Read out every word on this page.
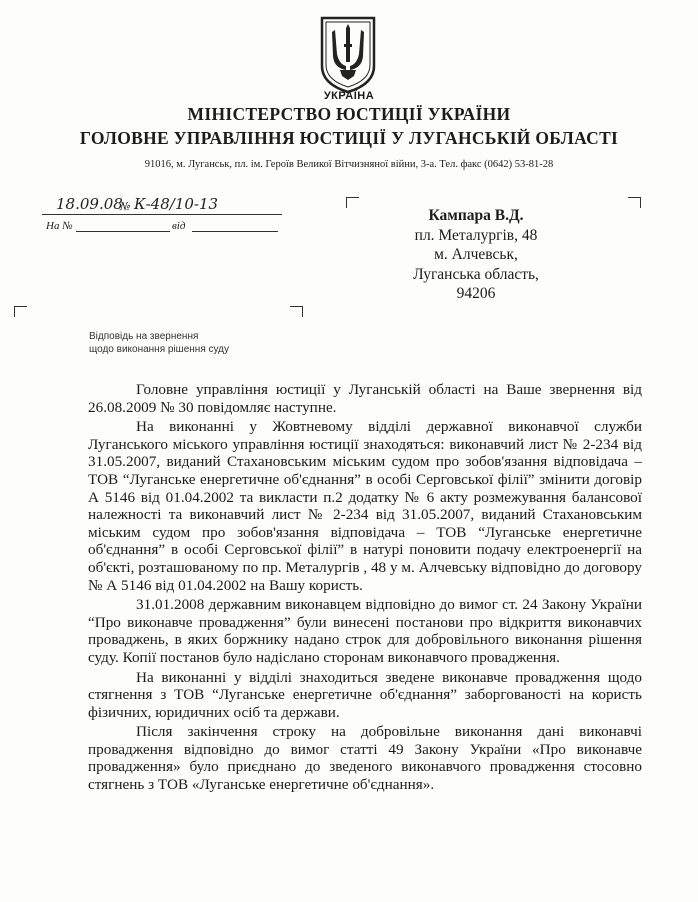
УКРАЇНА
МІНІСТЕРСТВО ЮСТИЦІЇ УКРАЇНИ
ГОЛОВНЕ УПРАВЛІННЯ ЮСТИЦІЇ У ЛУГАНСЬКІЙ ОБЛАСТІ
91016, м. Луганськ, пл. ім. Героїв Великої Вітчизняної війни, 3-а. Тел. факс (0642) 53-81-28
18.09.08
№ К-48/10-13
На №	від
Кампара В.Д.
пл. Металургів, 48
м. Алчевськ,
Луганська область,
94206
Відповідь на звернення
щодо виконання рішення суду

Головне управління юстиції у Луганській області на Ваше звернення від 26.08.2009 № 30 повідомляє наступне.

На виконанні у Жовтневому відділі державної виконавчої служби Луганського міського управління юстиції знаходяться: виконавчий лист № 2-234 від 31.05.2007, виданий Стахановським міським судом про зобов'язання відповідача – ТОВ “Луганське енергетичне об'єднання” в особі Серговської філії” змінити договір А 5146 від 01.04.2002 та викласти п.2 додатку № 6 акту розмежування балансової належності та виконавчий лист № 2-234 від 31.05.2007, виданий Стахановським міським судом про зобов'язання відповідача – ТОВ “Луганське енергетичне об'єднання” в особі Серговської філії” в натурі поновити подачу електроенергії на об'єкті, розташованому по пр. Металургів , 48 у м. Алчевську відповідно до договору № А 5146 від 01.04.2002 на Вашу користь.

31.01.2008 державним виконавцем відповідно до вимог ст. 24 Закону України “Про виконавче провадження” були винесені постанови про відкриття виконавчих проваджень, в яких боржнику надано строк для добровільного виконання рішення суду. Копії постанов було надіслано сторонам виконавчого провадження.

На виконанні у відділі знаходиться зведене виконавче провадження щодо стягнення з ТОВ “Луганське енергетичне об'єднання” заборгованості на користь фізичних, юридичних осіб та держави.

Після закінчення строку на добровільне виконання дані виконавчі провадження відповідно до вимог статті 49 Закону України «Про виконавче провадження» було приєднано до зведеного виконавчого провадження стосовно стягнень з ТОВ «Луганське енергетичне об'єднання».
